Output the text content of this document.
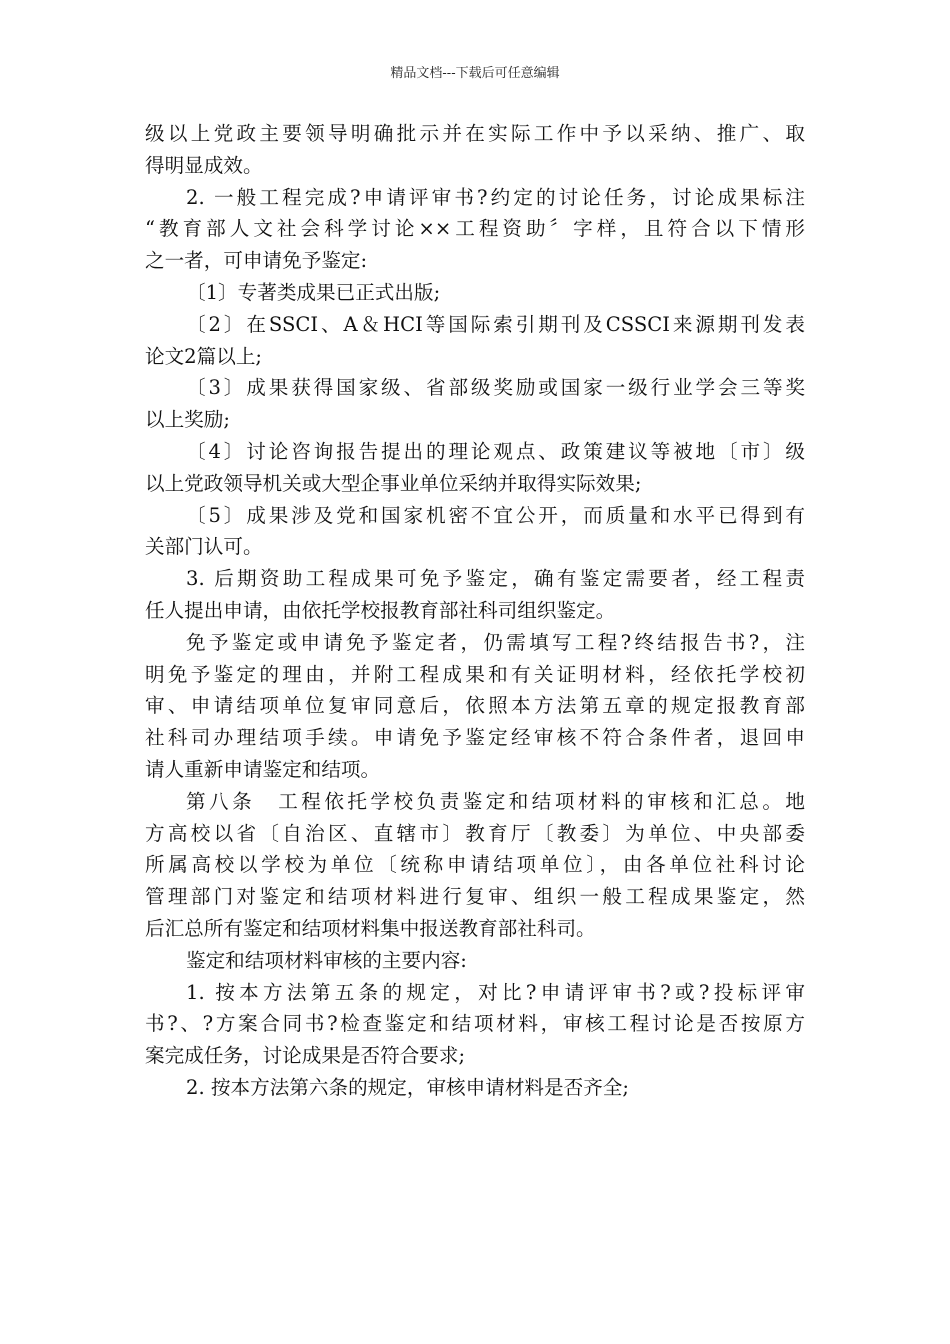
精品文档---下载后可任意编辑
级以上党政主要领导明确批示并在实际工作中予以采纳、推广、取
得明显成效。
2. 一般工程完成?申请评审书?约定的讨论任务，讨论成果标注
“教育部人文社会科学讨论××工程资助〞字样，且符合以下情形
之一者，可申请免予鉴定:
〔1〕专著类成果已正式出版;
〔2〕在SSCI、A＆HCI等国际索引期刊及CSSCI来源期刊发表
论文2篇以上;
〔3〕成果获得国家级、省部级奖励或国家一级行业学会三等奖
以上奖励;
〔4〕讨论咨询报告提出的理论观点、政策建议等被地〔市〕级
以上党政领导机关或大型企事业单位采纳并取得实际效果;
〔5〕成果涉及党和国家机密不宜公开，而质量和水平已得到有
关部门认可。
3. 后期资助工程成果可免予鉴定，确有鉴定需要者，经工程责
任人提出申请，由依托学校报教育部社科司组织鉴定。
免予鉴定或申请免予鉴定者，仍需填写工程?终结报告书?，注
明免予鉴定的理由，并附工程成果和有关证明材料，经依托学校初
审、申请结项单位复审同意后，依照本方法第五章的规定报教育部
社科司办理结项手续。申请免予鉴定经审核不符合条件者，退回申
请人重新申请鉴定和结项。
第八条　工程依托学校负责鉴定和结项材料的审核和汇总。地
方高校以省〔自治区、直辖市〕教育厅〔教委〕为单位、中央部委
所属高校以学校为单位〔统称申请结项单位〕，由各单位社科讨论
管理部门对鉴定和结项材料进行复审、组织一般工程成果鉴定，然
后汇总所有鉴定和结项材料集中报送教育部社科司。
鉴定和结项材料审核的主要内容:
1. 按本方法第五条的规定，对比?申请评审书?或?投标评审
书?、?方案合同书?检查鉴定和结项材料，审核工程讨论是否按原方
案完成任务，讨论成果是否符合要求;
2. 按本方法第六条的规定，审核申请材料是否齐全;
